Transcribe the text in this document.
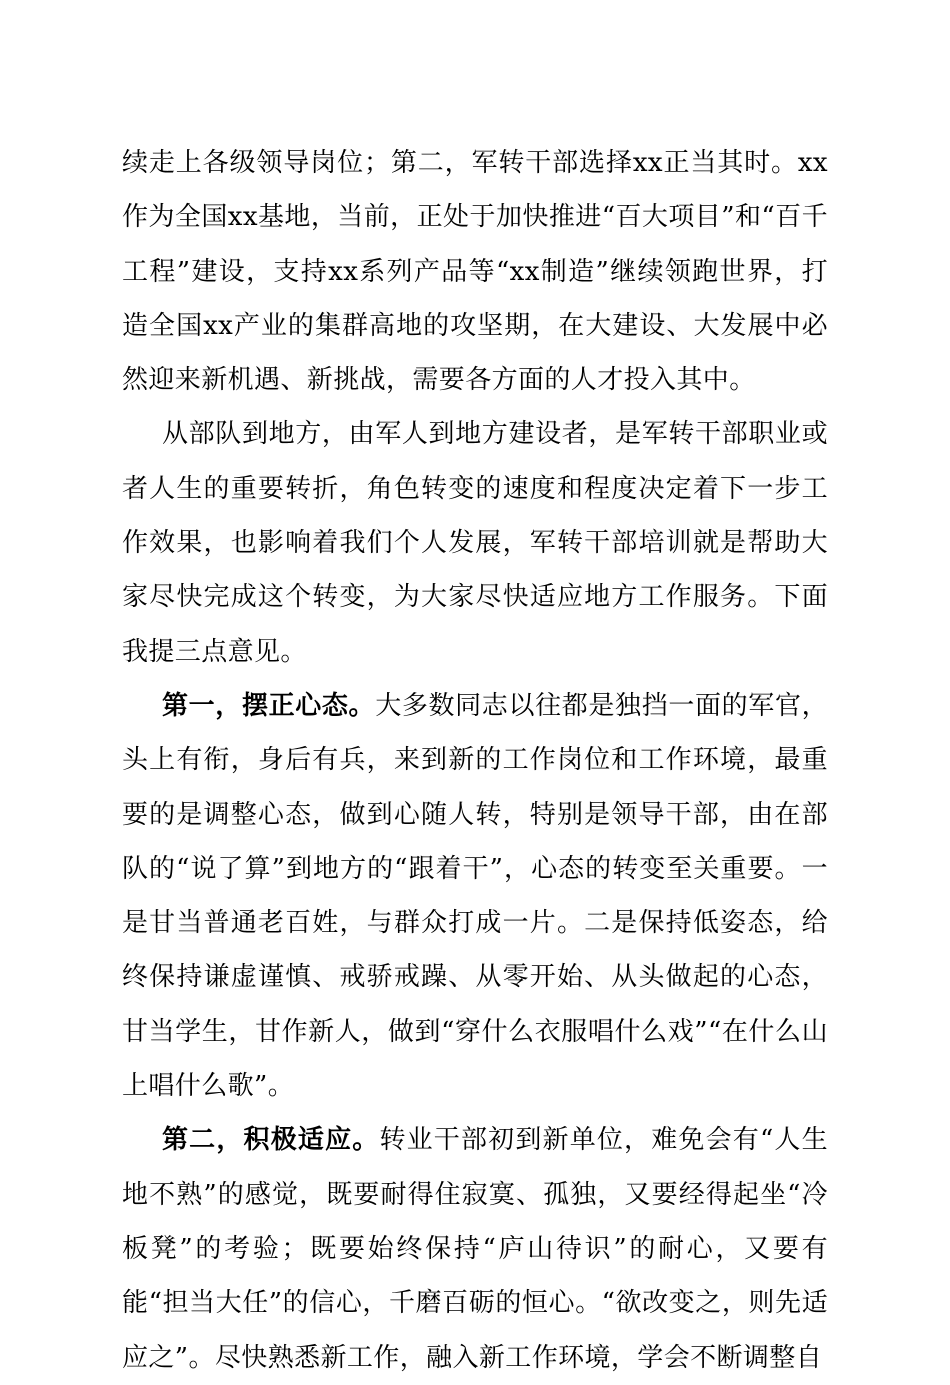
续走上各级领导岗位；第二，军转干部选择xx正当其时。xx作为全国xx基地，当前，正处于加快推进“百大项目”和“百千工程”建设，支持xx系列产品等“xx制造”继续领跑世界，打造全国xx产业的集群高地的攻坚期，在大建设、大发展中必然迎来新机遇、新挑战，需要各方面的人才投入其中。

从部队到地方，由军人到地方建设者，是军转干部职业或者人生的重要转折，角色转变的速度和程度决定着下一步工作效果，也影响着我们个人发展，军转干部培训就是帮助大家尽快完成这个转变，为大家尽快适应地方工作服务。下面我提三点意见。

第一，摆正心态。大多数同志以往都是独挡一面的军官，头上有衔，身后有兵，来到新的工作岗位和工作环境，最重要的是调整心态，做到心随人转，特别是领导干部，由在部队的“说了算”到地方的“跟着干”，心态的转变至关重要。一是甘当普通老百姓，与群众打成一片。二是保持低姿态，给终保持谦虚谨慎、戒骄戒躁、从零开始、从头做起的心态，甘当学生，甘作新人，做到“穿什么衣服唱什么戏”“在什么山上唱什么歌”。

第二，积极适应。转业干部初到新单位，难免会有“人生地不熟”的感觉，既要耐得住寂寞、孤独，又要经得起坐“冷板凳”的考验；既要始终保持“庐山待识”的耐心，又要有能“担当大任”的信心，千磨百砺的恒心。“欲改变之，则先适应之”。尽快熟悉新工作，融入新工作环境，学会不断调整自
